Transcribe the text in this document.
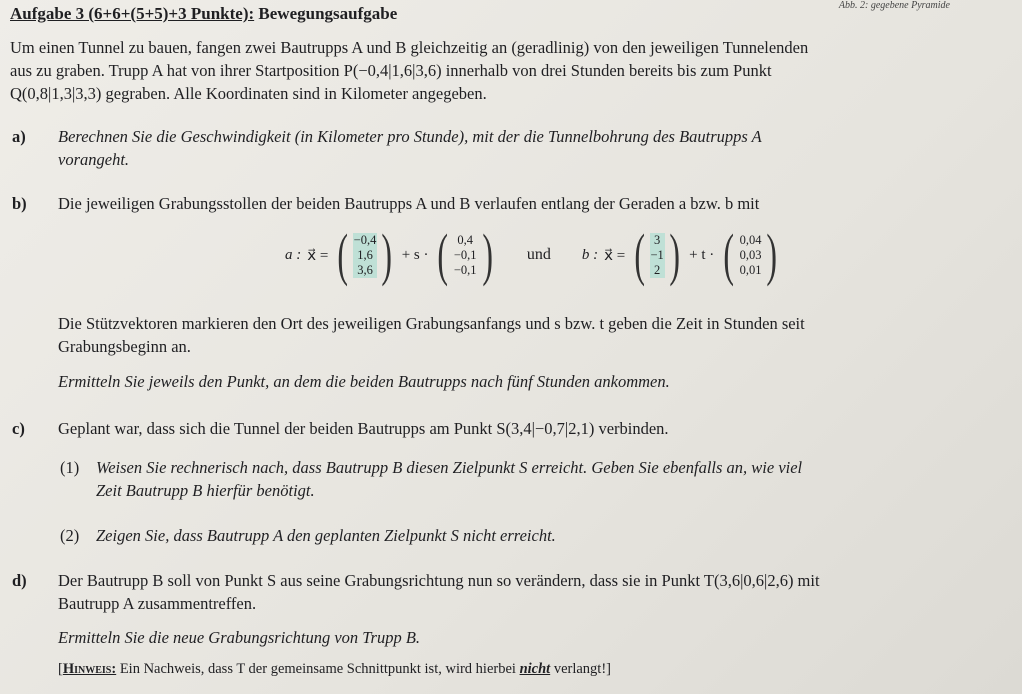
Abb. 2: gegebene Pyramide
Aufgabe 3 (6+6+(5+5)+3 Punkte): Bewegungsaufgabe
Um einen Tunnel zu bauen, fangen zwei Bautrupps A und B gleichzeitig an (geradlinig) von den jeweiligen Tunnelenden
aus zu graben. Trupp A hat von ihrer Startposition P(−0,4|1,6|3,6) innerhalb von drei Stunden bereits bis zum Punkt
Q(0,8|1,3|3,3) gegraben. Alle Koordinaten sind in Kilometer angegeben.
a) Berechnen Sie die Geschwindigkeit (in Kilometer pro Stunde), mit der die Tunnelbohrung des Bautrupps A
vorangeht.
b) Die jeweiligen Grabungsstollen der beiden Bautrupps A und B verlaufen entlang der Geraden a bzw. b mit
a : x⃗ = ( −0,4
1,6
3,6 ) + s · ( 0,4
−0,1
−0,1 ) und b : x⃗ = ( 3
−1
2 ) + t · ( 0,04
0,03
0,01 )
Die Stützvektoren markieren den Ort des jeweiligen Grabungsanfangs und s bzw. t geben die Zeit in Stunden seit
Grabungsbeginn an.
Ermitteln Sie jeweils den Punkt, an dem die beiden Bautrupps nach fünf Stunden ankommen.
c) Geplant war, dass sich die Tunnel der beiden Bautrupps am Punkt S(3,4|−0,7|2,1) verbinden.
(1) Weisen Sie rechnerisch nach, dass Bautrupp B diesen Zielpunkt S erreicht. Geben Sie ebenfalls an, wie viel
Zeit Bautrupp B hierfür benötigt.
(2) Zeigen Sie, dass Bautrupp A den geplanten Zielpunkt S nicht erreicht.
d) Der Bautrupp B soll von Punkt S aus seine Grabungsrichtung nun so verändern, dass sie in Punkt T(3,6|0,6|2,6) mit
Bautrupp A zusammentreffen.
Ermitteln Sie die neue Grabungsrichtung von Trupp B.
[Hinweis: Ein Nachweis, dass T der gemeinsame Schnittpunkt ist, wird hierbei nicht verlangt!]
